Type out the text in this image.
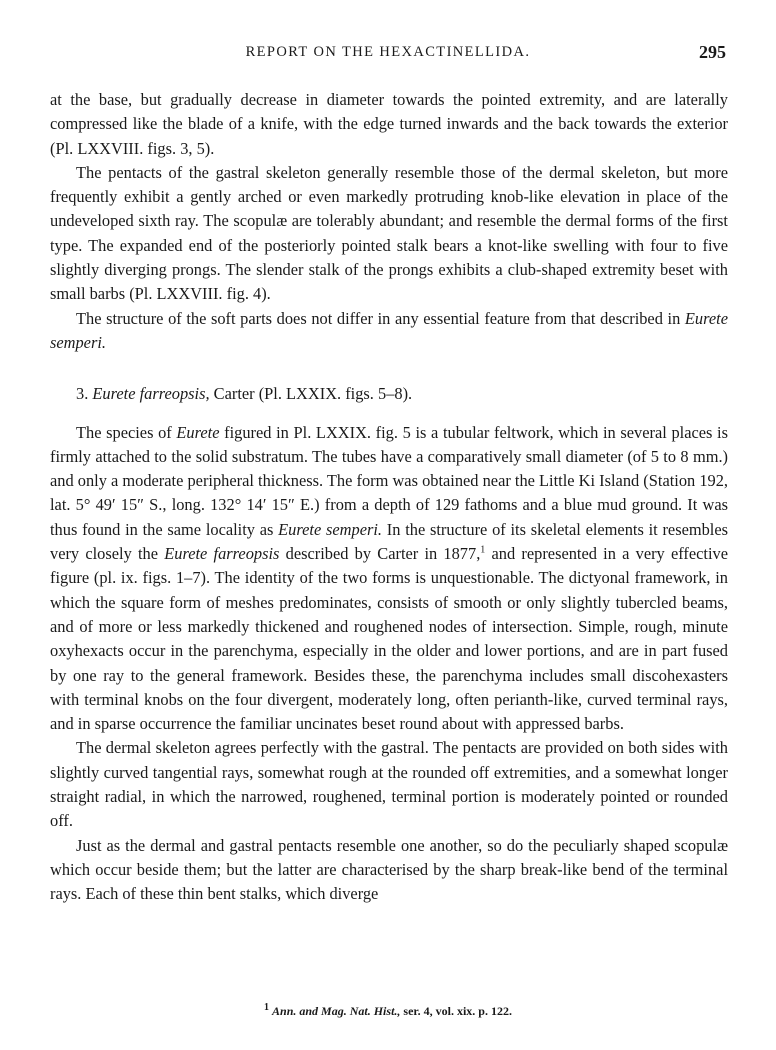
REPORT ON THE HEXACTINELLIDA.	295

at the base, but gradually decrease in diameter towards the pointed extremity, and are laterally compressed like the blade of a knife, with the edge turned inwards and the back towards the exterior (Pl. LXXVIII. figs. 3, 5).

The pentacts of the gastral skeleton generally resemble those of the dermal skeleton, but more frequently exhibit a gently arched or even markedly protruding knob-like elevation in place of the undeveloped sixth ray. The scopulæ are tolerably abundant; and resemble the dermal forms of the first type. The expanded end of the posteriorly pointed stalk bears a knot-like swelling with four to five slightly diverging prongs. The slender stalk of the prongs exhibits a club-shaped extremity beset with small barbs (Pl. LXXVIII. fig. 4).

The structure of the soft parts does not differ in any essential feature from that described in Eurete semperi.

3. Eurete farreopsis, Carter (Pl. LXXIX. figs. 5–8).

The species of Eurete figured in Pl. LXXIX. fig. 5 is a tubular feltwork, which in several places is firmly attached to the solid substratum. The tubes have a comparatively small diameter (of 5 to 8 mm.) and only a moderate peripheral thickness. The form was obtained near the Little Ki Island (Station 192, lat. 5° 49′ 15″ S., long. 132° 14′ 15″ E.) from a depth of 129 fathoms and a blue mud ground. It was thus found in the same locality as Eurete semperi. In the structure of its skeletal elements it resembles very closely the Eurete farreopsis described by Carter in 1877,$^1$ and represented in a very effective figure (pl. ix. figs. 1–7). The identity of the two forms is unquestionable. The dictyonal framework, in which the square form of meshes predominates, consists of smooth or only slightly tubercled beams, and of more or less markedly thickened and roughened nodes of intersection. Simple, rough, minute oxyhexacts occur in the parenchyma, especially in the older and lower portions, and are in part fused by one ray to the general framework. Besides these, the parenchyma includes small discohexasters with terminal knobs on the four divergent, moderately long, often perianth-like, curved terminal rays, and in sparse occurrence the familiar uncinates beset round about with appressed barbs.

The dermal skeleton agrees perfectly with the gastral. The pentacts are provided on both sides with slightly curved tangential rays, somewhat rough at the rounded off extremities, and a somewhat longer straight radial, in which the narrowed, roughened, terminal portion is moderately pointed or rounded off.

Just as the dermal and gastral pentacts resemble one another, so do the peculiarly shaped scopulæ which occur beside them; but the latter are characterised by the sharp break-like bend of the terminal rays. Each of these thin bent stalks, which diverge

$^1$ Ann. and Mag. Nat. Hist., ser. 4, vol. xix. p. 122.
